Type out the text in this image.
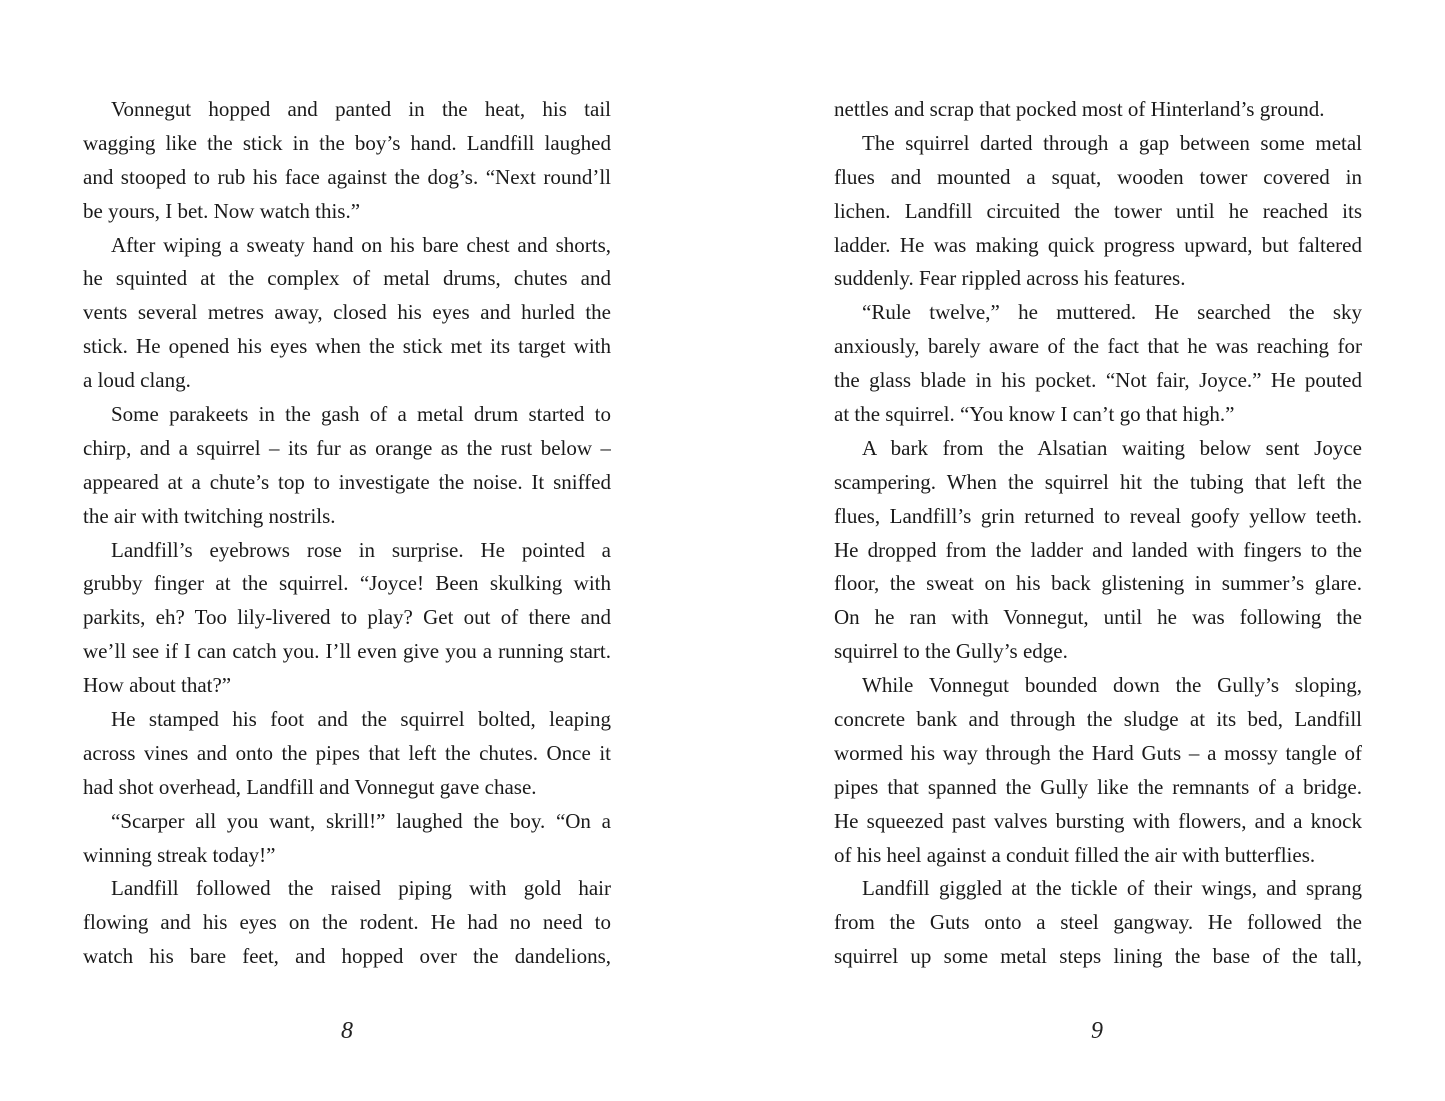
Vonnegut hopped and panted in the heat, his tail
wagging like the stick in the boy’s hand. Landfill laughed
and stooped to rub his face against the dog’s. “Next round’ll
be yours, I bet. Now watch this.”
After wiping a sweaty hand on his bare chest and shorts,
he squinted at the complex of metal drums, chutes and
vents several metres away, closed his eyes and hurled the
stick. He opened his eyes when the stick met its target with
a loud clang.
Some parakeets in the gash of a metal drum started to
chirp, and a squirrel – its fur as orange as the rust below –
appeared at a chute’s top to investigate the noise. It sniffed
the air with twitching nostrils.
Landfill’s eyebrows rose in surprise. He pointed a
grubby finger at the squirrel. “Joyce! Been skulking with
parkits, eh? Too lily-livered to play? Get out of there and
we’ll see if I can catch you. I’ll even give you a running start.
How about that?”
He stamped his foot and the squirrel bolted, leaping
across vines and onto the pipes that left the chutes. Once it
had shot overhead, Landfill and Vonnegut gave chase.
“Scarper all you want, skrill!” laughed the boy. “On a
winning streak today!”
Landfill followed the raised piping with gold hair
flowing and his eyes on the rodent. He had no need to
watch his bare feet, and hopped over the dandelions,
8
nettles and scrap that pocked most of Hinterland’s ground.
The squirrel darted through a gap between some metal
flues and mounted a squat, wooden tower covered in
lichen. Landfill circuited the tower until he reached its
ladder. He was making quick progress upward, but faltered
suddenly. Fear rippled across his features.
“Rule twelve,” he muttered. He searched the sky
anxiously, barely aware of the fact that he was reaching for
the glass blade in his pocket. “Not fair, Joyce.” He pouted
at the squirrel. “You know I can’t go that high.”
A bark from the Alsatian waiting below sent Joyce
scampering. When the squirrel hit the tubing that left the
flues, Landfill’s grin returned to reveal goofy yellow teeth.
He dropped from the ladder and landed with fingers to the
floor, the sweat on his back glistening in summer’s glare.
On he ran with Vonnegut, until he was following the
squirrel to the Gully’s edge.
While Vonnegut bounded down the Gully’s sloping,
concrete bank and through the sludge at its bed, Landfill
wormed his way through the Hard Guts – a mossy tangle of
pipes that spanned the Gully like the remnants of a bridge.
He squeezed past valves bursting with flowers, and a knock
of his heel against a conduit filled the air with butterflies.
Landfill giggled at the tickle of their wings, and sprang
from the Guts onto a steel gangway. He followed the
squirrel up some metal steps lining the base of the tall,
9
